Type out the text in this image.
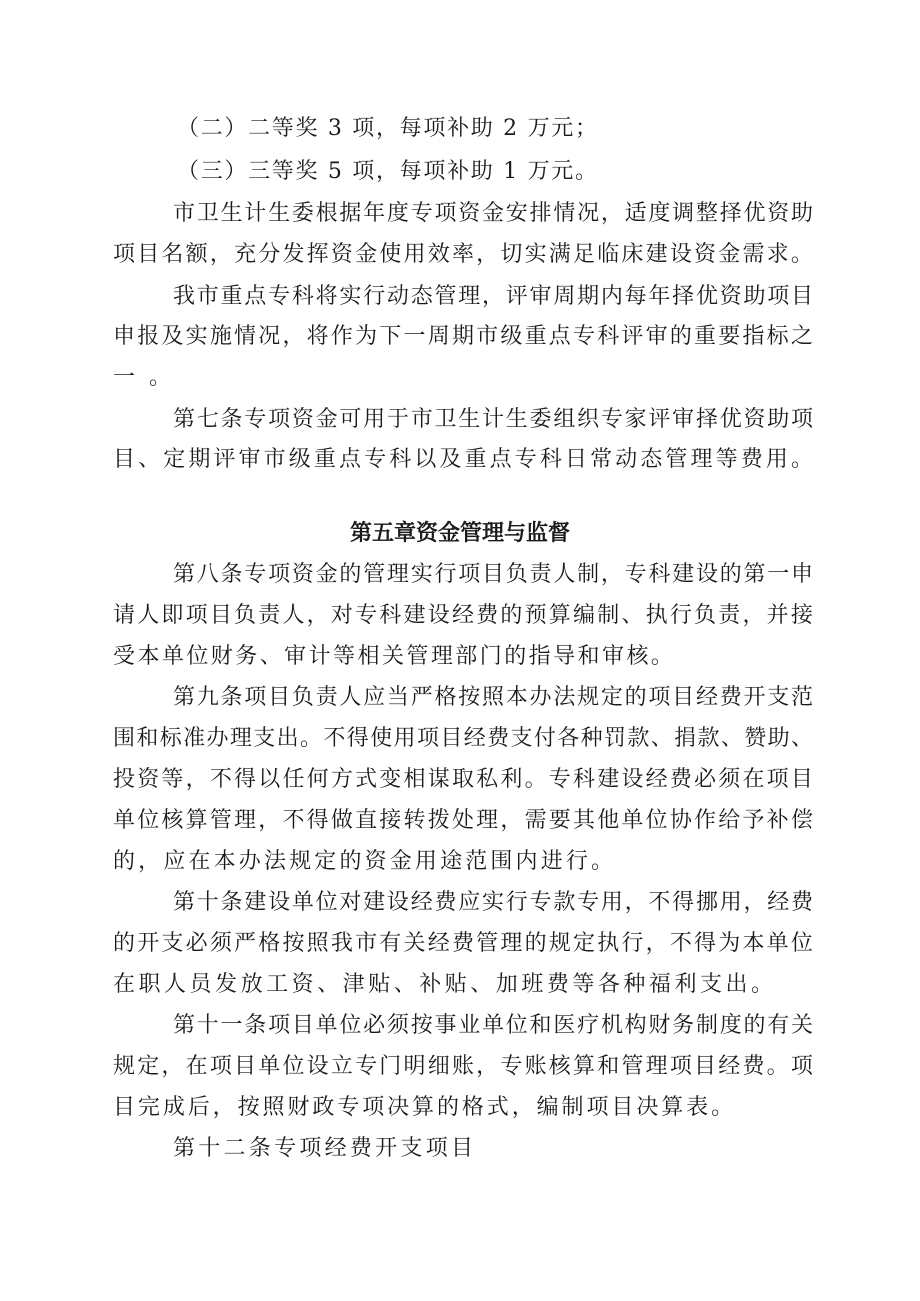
（二）二等奖 3 项，每项补助 2 万元；
（三）三等奖 5 项，每项补助 1 万元。
市卫生计生委根据年度专项资金安排情况，适度调整择优资助
项目名额，充分发挥资金使用效率，切实满足临床建设资金需求。
我市重点专科将实行动态管理，评审周期内每年择优资助项目
申报及实施情况，将作为下一周期市级重点专科评审的重要指标之
一。
第七条专项资金可用于市卫生计生委组织专家评审择优资助项
目、定期评审市级重点专科以及重点专科日常动态管理等费用。
第五章资金管理与监督
第八条专项资金的管理实行项目负责人制，专科建设的第一申
请人即项目负责人，对专科建设经费的预算编制、执行负责，并接
受本单位财务、审计等相关管理部门的指导和审核。
第九条项目负责人应当严格按照本办法规定的项目经费开支范
围和标准办理支出。不得使用项目经费支付各种罚款、捐款、赞助、
投资等，不得以任何方式变相谋取私利。专科建设经费必须在项目
单位核算管理，不得做直接转拨处理，需要其他单位协作给予补偿
的，应在本办法规定的资金用途范围内进行。
第十条建设单位对建设经费应实行专款专用，不得挪用，经费
的开支必须严格按照我市有关经费管理的规定执行，不得为本单位
在职人员发放工资、津贴、补贴、加班费等各种福利支出。
第十一条项目单位必须按事业单位和医疗机构财务制度的有关
规定，在项目单位设立专门明细账，专账核算和管理项目经费。项
目完成后，按照财政专项决算的格式，编制项目决算表。
第十二条专项经费开支项目
